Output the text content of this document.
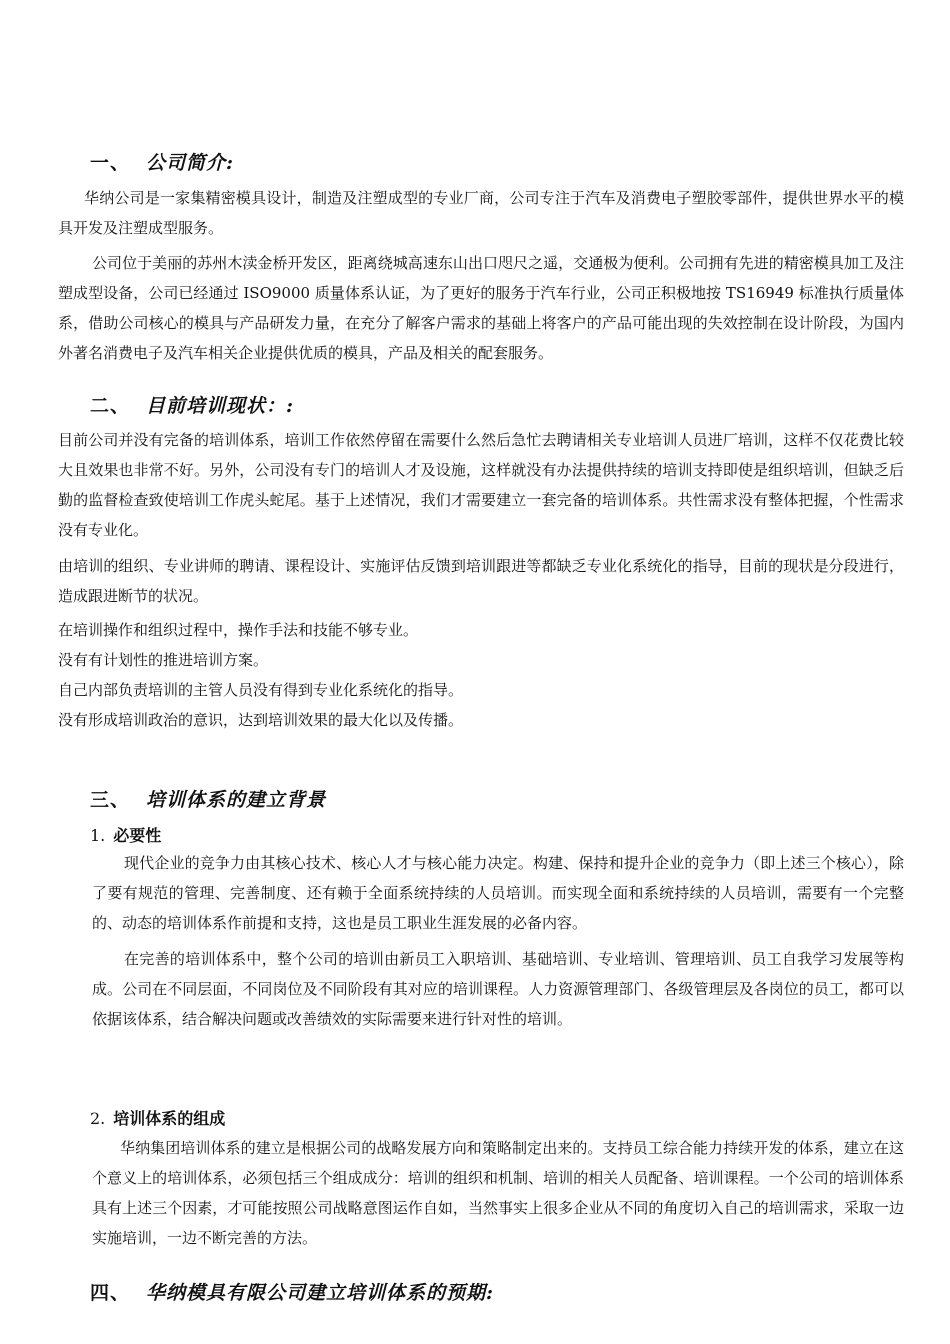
一、 公司简介:
华纳公司是一家集精密模具设计，制造及注塑成型的专业厂商，公司专注于汽车及消费电子塑胶零部件，提供世界水平的模具开发及注塑成型服务。
公司位于美丽的苏州木渎金桥开发区，距离绕城高速东山出口咫尺之遥，交通极为便利。公司拥有先进的精密模具加工及注塑成型设备，公司已经通过 ISO9000 质量体系认证，为了更好的服务于汽车行业，公司正积极地按 TS16949 标准执行质量体系，借助公司核心的模具与产品研发力量，在充分了解客户需求的基础上将客户的产品可能出现的失效控制在设计阶段，为国内外著名消费电子及汽车相关企业提供优质的模具，产品及相关的配套服务。
二、 目前培训现状：:
目前公司并没有完备的培训体系，培训工作依然停留在需要什么然后急忙去聘请相关专业培训人员进厂培训，这样不仅花费比较大且效果也非常不好。另外，公司没有专门的培训人才及设施，这样就没有办法提供持续的培训支持即使是组织培训，但缺乏后勤的监督检查致使培训工作虎头蛇尾。基于上述情况，我们才需要建立一套完备的培训体系。共性需求没有整体把握，个性需求没有专业化。
由培训的组织、专业讲师的聘请、课程设计、实施评估反馈到培训跟进等都缺乏专业化系统化的指导，目前的现状是分段进行，造成跟进断节的状况。
在培训操作和组织过程中，操作手法和技能不够专业。
没有有计划性的推进培训方案。
自己内部负责培训的主管人员没有得到专业化系统化的指导。
没有形成培训政治的意识，达到培训效果的最大化以及传播。
三、 培训体系的建立背景
1. 必要性
现代企业的竞争力由其核心技术、核心人才与核心能力决定。构建、保持和提升企业的竞争力（即上述三个核心），除了要有规范的管理、完善制度、还有赖于全面系统持续的人员培训。而实现全面和系统持续的人员培训，需要有一个完整的、动态的培训体系作前提和支持，这也是员工职业生涯发展的必备内容。
在完善的培训体系中，整个公司的培训由新员工入职培训、基础培训、专业培训、管理培训、员工自我学习发展等构成。公司在不同层面，不同岗位及不同阶段有其对应的培训课程。人力资源管理部门、各级管理层及各岗位的员工，都可以依据该体系，结合解决问题或改善绩效的实际需要来进行针对性的培训。
2. 培训体系的组成
华纳集团培训体系的建立是根据公司的战略发展方向和策略制定出来的。支持员工综合能力持续开发的体系，建立在这个意义上的培训体系，必须包括三个组成成分：培训的组织和机制、培训的相关人员配备、培训课程。一个公司的培训体系具有上述三个因素，才可能按照公司战略意图运作自如，当然事实上很多企业从不同的角度切入自己的培训需求，采取一边实施培训，一边不断完善的方法。
四、 华纳模具有限公司建立培训体系的预期:
